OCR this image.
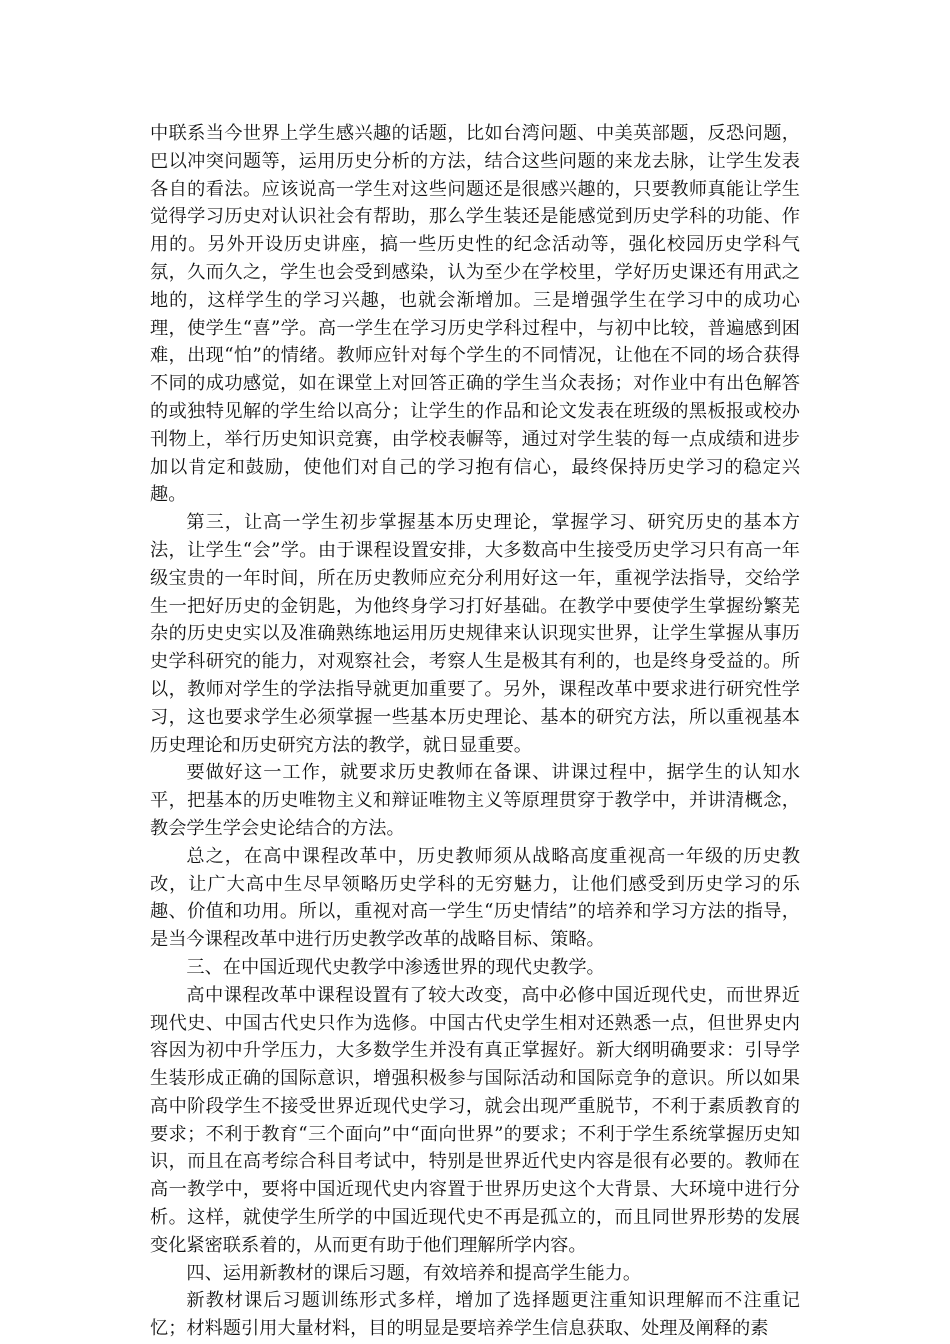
中联系当今世界上学生感兴趣的话题，比如台湾问题、中美英部题，反恐问题，巴以冲突问题等，运用历史分析的方法，结合这些问题的来龙去脉，让学生发表各自的看法。应该说高一学生对这些问题还是很感兴趣的，只要教师真能让学生觉得学习历史对认识社会有帮助，那么学生装还是能感觉到历史学科的功能、作用的。另外开设历史讲座，搞一些历史性的纪念活动等，强化校园历史学科气氛，久而久之，学生也会受到感染，认为至少在学校里，学好历史课还有用武之地的，这样学生的学习兴趣，也就会渐增加。三是增强学生在学习中的成功心理，使学生“喜”学。高一学生在学习历史学科过程中，与初中比较，普遍感到困难，出现“怕”的情绪。教师应针对每个学生的不同情况，让他在不同的场合获得不同的成功感觉，如在课堂上对回答正确的学生当众表扬；对作业中有出色解答的或独特见解的学生给以高分；让学生的作品和论文发表在班级的黑板报或校办刊物上，举行历史知识竞赛，由学校表幈等，通过对学生装的每一点成绩和进步加以肯定和鼓励，使他们对自己的学习抱有信心，最终保持历史学习的稳定兴趣。

第三，让高一学生初步掌握基本历史理论，掌握学习、研究历史的基本方法，让学生“会”学。由于课程设置安排，大多数高中生接受历史学习只有高一年级宝贵的一年时间，所在历史教师应充分利用好这一年，重视学法指导，交给学生一把好历史的金钥匙，为他终身学习打好基础。在教学中要使学生掌握纷繁芜杂的历史史实以及准确熟练地运用历史规律来认识现实世界，让学生掌握从事历史学科研究的能力，对观察社会，考察人生是极其有利的，也是终身受益的。所以，教师对学生的学法指导就更加重要了。另外，课程改革中要求进行研究性学习，这也要求学生必须掌握一些基本历史理论、基本的研究方法，所以重视基本历史理论和历史研究方法的教学，就日显重要。

要做好这一工作，就要求历史教师在备课、讲课过程中，据学生的认知水平，把基本的历史唯物主义和辩证唯物主义等原理贯穿于教学中，并讲清概念，教会学生学会史论结合的方法。

总之，在高中课程改革中，历史教师须从战略高度重视高一年级的历史教改，让广大高中生尽早领略历史学科的无穷魅力，让他们感受到历史学习的乐趣、价值和功用。所以，重视对高一学生“历史情结”的培养和学习方法的指导，是当今课程改革中进行历史教学改革的战略目标、策略。

三、在中国近现代史教学中渗透世界的现代史教学。

高中课程改革中课程设置有了较大改变，高中必修中国近现代史，而世界近现代史、中国古代史只作为选修。中国古代史学生相对还熟悉一点，但世界史内容因为初中升学压力，大多数学生并没有真正掌握好。新大纲明确要求：引导学生装形成正确的国际意识，增强积极参与国际活动和国际竞争的意识。所以如果高中阶段学生不接受世界近现代史学习，就会出现严重脱节，不利于素质教育的要求；不利于教育“三个面向”中“面向世界”的要求；不利于学生系统掌握历史知识，而且在高考综合科目考试中，特别是世界近代史内容是很有必要的。教师在高一教学中，要将中国近现代史内容置于世界历史这个大背景、大环境中进行分析。这样，就使学生所学的中国近现代史不再是孤立的，而且同世界形势的发展变化紧密联系着的，从而更有助于他们理解所学内容。

四、运用新教材的课后习题，有效培养和提高学生能力。

新教材课后习题训练形式多样，增加了选择题更注重知识理解而不注重记忆；材料题引用大量材料，目的明显是要培养学生信息获取、处理及阐释的素
